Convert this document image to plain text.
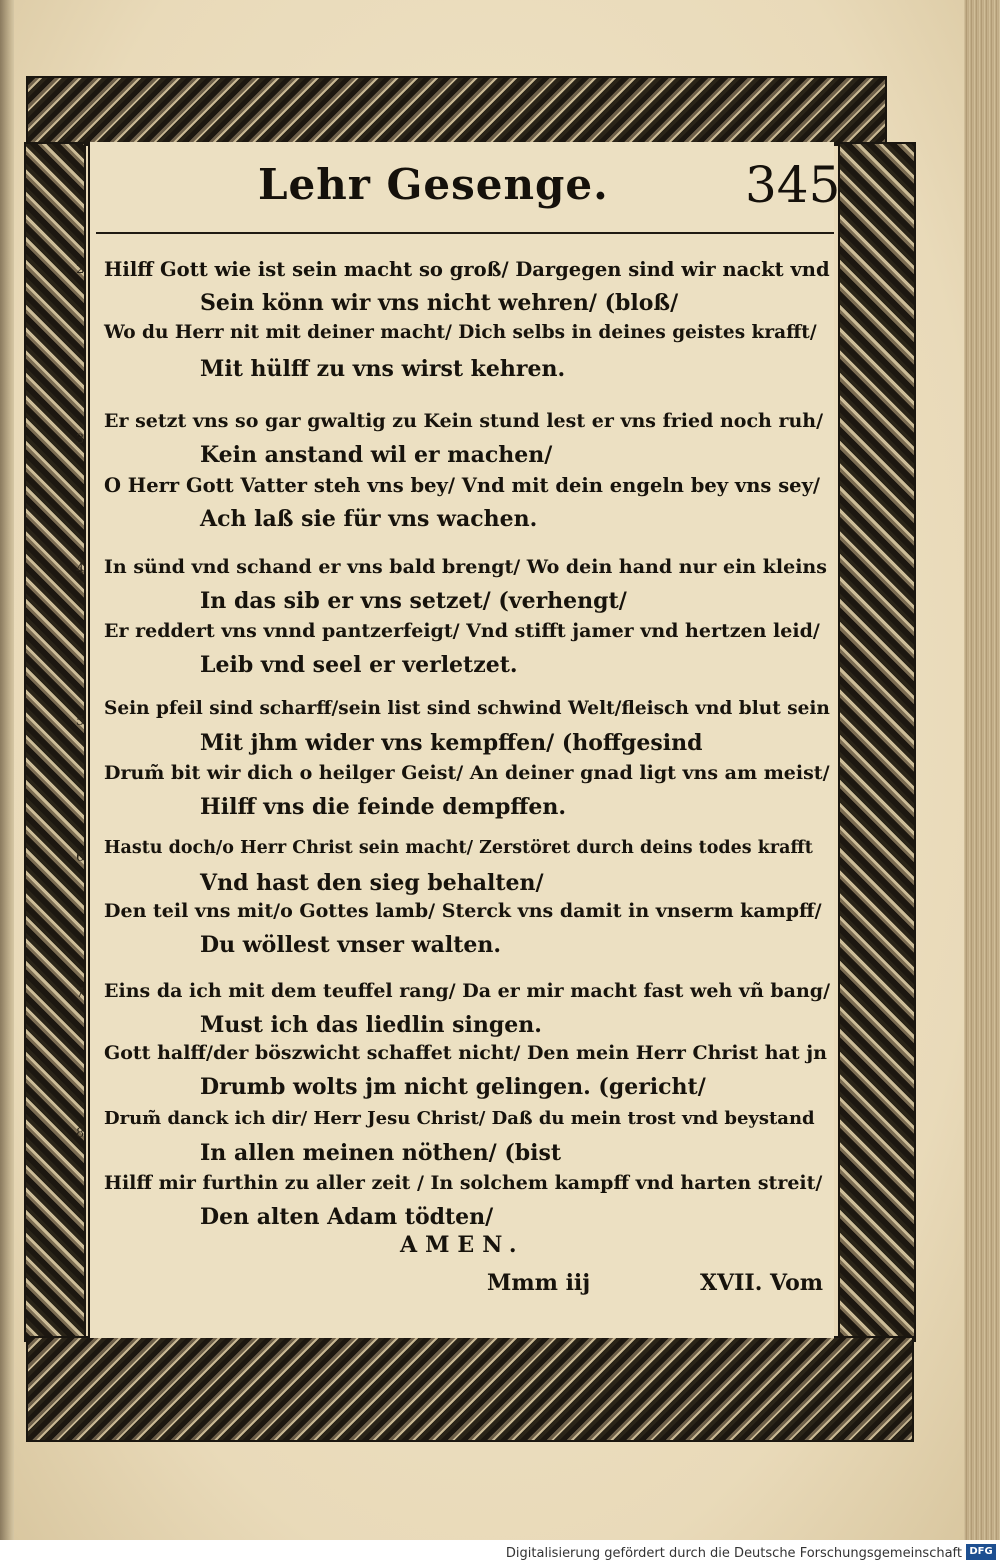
Lehr Gesenge.	345
2 Hilff Gott wie ist sein macht so groß/ Dargegen sind wir nackt vnd
Sein könn wir vns nicht wehren/ (bloß/
Wo du Herr nit mit deiner macht/ Dich selbs in deines geistes krafft/
Mit hülff zu vns wirst kehren.
3
Er setzt vns so gar gwaltig zu Kein stund lest er vns fried noch ruh/
Kein anstand wil er machen/
O Herr Gott Vatter steh vns bey/ Vnd mit dein engeln bey vns sey/
Ach laß sie für vns wachen.
4 In sünd vnd schand er vns bald brengt/ Wo dein hand nur ein kleins
In das sib er vns setzet/ (verhengt/
Er reddert vns vnnd pantzerfeigt/ Vnd stifft jamer vnd hertzen leid/
Leib vnd seel er verletzet.
5
Sein pfeil sind scharff/sein list sind schwind Welt/fleisch vnd blut sein
Mit jhm wider vns kempffen/ (hoffgesind
Drum̃ bit wir dich o heilger Geist/ An deiner gnad ligt vns am meist/
Hilff vns die feinde dempffen.
6 Hastu doch/o Herr Christ sein macht/ Zerstöret durch deins todes krafft
Vnd hast den sieg behalten/
Den teil vns mit/o Gottes lamb/ Sterck vns damit in vnserm kampff/
Du wöllest vnser walten.
7 Eins da ich mit dem teuffel rang/ Da er mir macht fast weh vñ bang/
Must ich das liedlin singen.
Gott halff/der böszwicht schaffet nicht/ Den mein Herr Christ hat jn
Drumb wolts jm nicht gelingen. (gericht/
8
Drum̃ danck ich dir/ Herr Jesu Christ/ Daß du mein trost vnd beystand
In allen meinen nöthen/ (bist
Hilff mir furthin zu aller zeit / In solchem kampff vnd harten streit/
Den alten Adam tödten/
AMEN.
Mmm iij	XVII. Vom
Digitalisierung gefördert durch die Deutsche Forschungsgemeinschaft DFG
